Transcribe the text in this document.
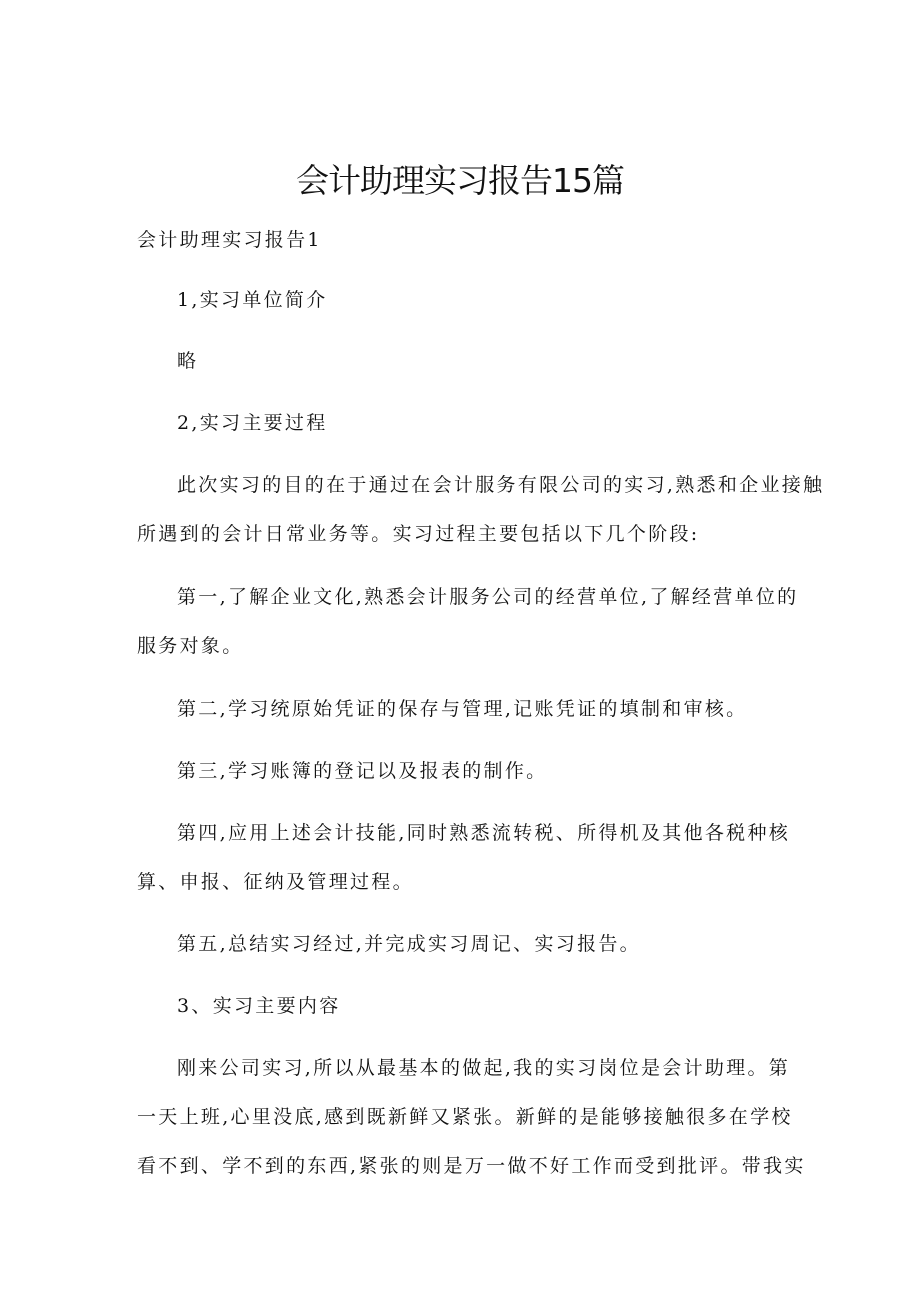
会计助理实习报告15篇

会计助理实习报告1

1,实习单位简介

略

2,实习主要过程

此次实习的目的在于通过在会计服务有限公司的实习,熟悉和企业接触

所遇到的会计日常业务等。实习过程主要包括以下几个阶段:

第一,了解企业文化,熟悉会计服务公司的经营单位,了解经营单位的

服务对象。

第二,学习统原始凭证的保存与管理,记账凭证的填制和审核。

第三,学习账簿的登记以及报表的制作。

第四,应用上述会计技能,同时熟悉流转税、所得机及其他各税种核

算、申报、征纳及管理过程。

第五,总结实习经过,并完成实习周记、实习报告。

3、实习主要内容

刚来公司实习,所以从最基本的做起,我的实习岗位是会计助理。第

一天上班,心里没底,感到既新鲜又紧张。新鲜的是能够接触很多在学校

看不到、学不到的东西,紧张的则是万一做不好工作而受到批评。带我实
